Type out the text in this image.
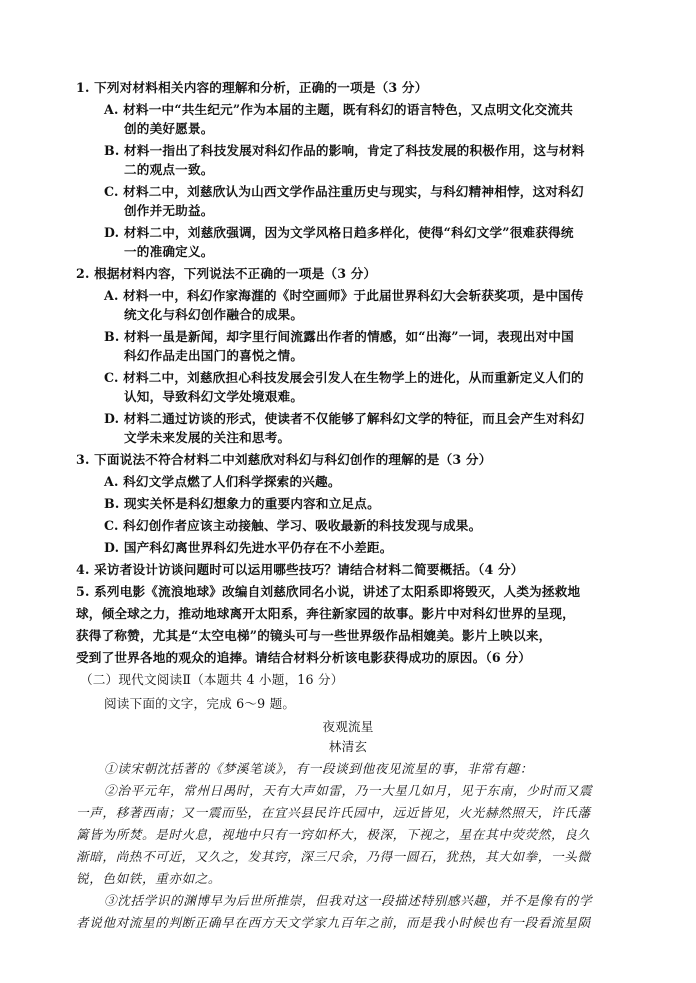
1. 下列对材料相关内容的理解和分析，正确的一项是（3 分）
A. 材料一中“共生纪元”作为本届的主题，既有科幻的语言特色，又点明文化交流共
创的美好愿景。
B. 材料一指出了科技发展对科幻作品的影响，肯定了科技发展的积极作用，这与材料
二的观点一致。
C. 材料二中，刘慈欣认为山西文学作品注重历史与现实，与科幻精神相悖，这对科幻
创作并无助益。
D. 材料二中，刘慈欣强调，因为文学风格日趋多样化，使得“科幻文学”很难获得统
一的准确定义。
2. 根据材料内容，下列说法不正确的一项是（3 分）
A. 材料一中，科幻作家海漄的《时空画师》于此届世界科幻大会斩获奖项，是中国传
统文化与科幻创作融合的成果。
B. 材料一虽是新闻，却字里行间流露出作者的情感，如“出海”一词，表现出对中国
科幻作品走出国门的喜悦之情。
C. 材料二中，刘慈欣担心科技发展会引发人在生物学上的进化，从而重新定义人们的
认知，导致科幻文学处境艰难。
D. 材料二通过访谈的形式，使读者不仅能够了解科幻文学的特征，而且会产生对科幻
文学未来发展的关注和思考。
3. 下面说法不符合材料二中刘慈欣对科幻与科幻创作的理解的是（3 分）
A. 科幻文学点燃了人们科学探索的兴趣。
B. 现实关怀是科幻想象力的重要内容和立足点。
C. 科幻创作者应该主动接触、学习、吸收最新的科技发现与成果。
D. 国产科幻离世界科幻先进水平仍存在不小差距。
4. 采访者设计访谈问题时可以运用哪些技巧？请结合材料二简要概括。（4 分）
5. 系列电影《流浪地球》改编自刘慈欣同名小说，讲述了太阳系即将毁灭，人类为拯救地
球，倾全球之力，推动地球离开太阳系，奔往新家园的故事。影片中对科幻世界的呈现，
获得了称赞，尤其是“太空电梯”的镜头可与一些世界级作品相媲美。影片上映以来，
受到了世界各地的观众的追捧。请结合材料分析该电影获得成功的原因。（6 分）
（二）现代文阅读Ⅱ（本题共 4 小题，16 分）
阅读下面的文字，完成 6～9 题。
夜观流星
林清玄
①读宋朝沈括著的《梦溪笔谈》，有一段谈到他夜见流星的事，非常有趣：
②治平元年，常州日禺时，天有大声如雷，乃一大星几如月，见于东南，少时而又震
一声，移著西南；又一震而坠，在宜兴县民许氏园中，远近皆见，火光赫然照天，许氏藩
篱皆为所焚。是时火息，视地中只有一窍如杯大，极深，下视之，星在其中荧荧然，良久
渐暗，尚热不可近，又久之，发其窍，深三尺余，乃得一圆石，犹热，其大如拳，一头微
锐，色如铁，重亦如之。
③沈括学识的渊博早为后世所推崇，但我对这一段描述特别感兴趣，并不是像有的学
者说他对流星的判断正确早在西方天文学家九百年之前，而是我小时候也有一段看流星陨
